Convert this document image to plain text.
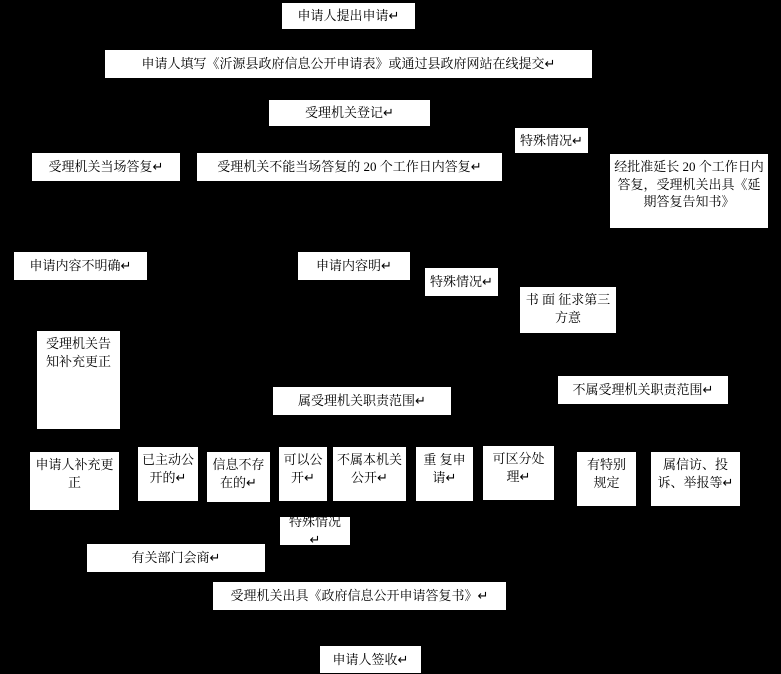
申请人提出申请↵
申请人填写《沂源县政府信息公开申请表》或通过县政府网站在线提交↵
受理机关登记↵
特殊情况↵
受理机关当场答复↵	受理机关不能当场答复的 20 个工作日内答复↵	经批准延长 20 个工作日内答复，受理机关出具《延期答复告知书》
申请内容不明确↵	申请内容明↵
特殊情况↵
书 面 征求第三方意
受理机关告知补充更正
属受理机关职责范围↵
不属受理机关职责范围↵
申请人补充更正
已主动公开的↵
信息不存在的↵
可以公开↵
不属本机关公开↵
重 复申请↵
可区分处理↵
有特别规定
属信访、投诉、举报等↵
特殊情况↵
有关部门会商↵
受理机关出具《政府信息公开申请答复书》↵
申请人签收↵
